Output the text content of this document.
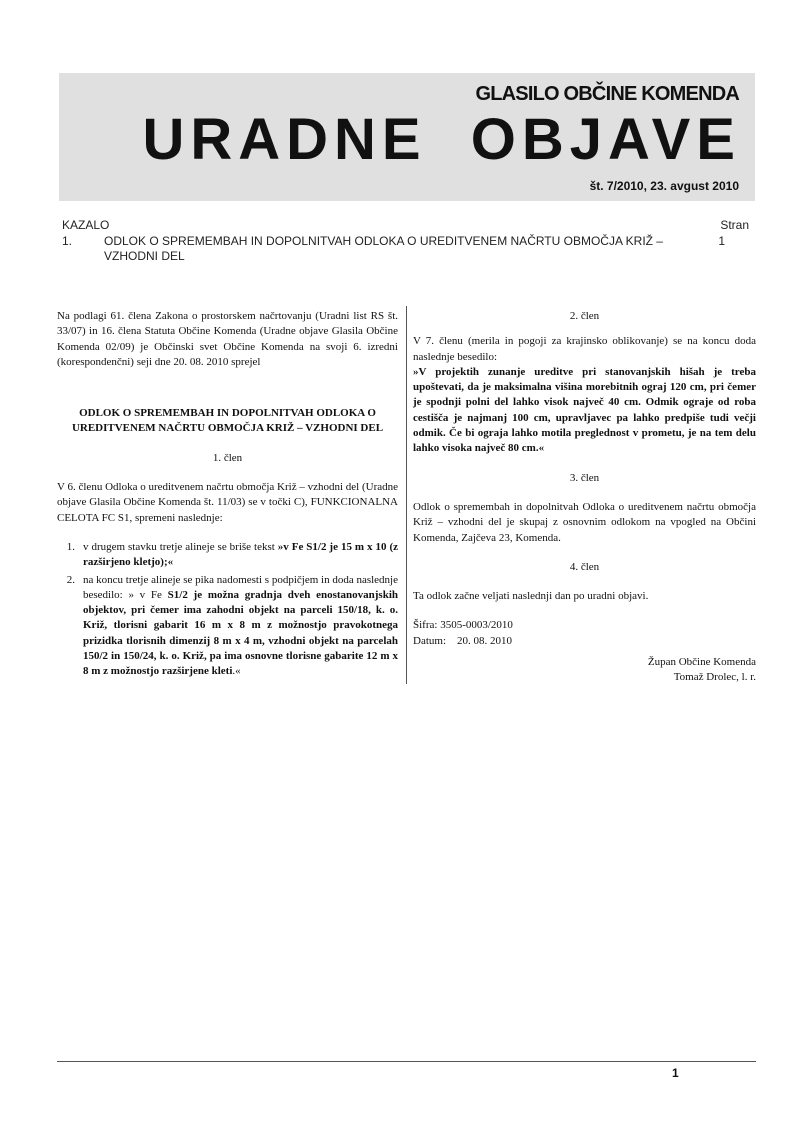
GLASILO OBČINE KOMENDA
URADNE  OBJAVE
št. 7/2010, 23. avgust 2010
KAZALO	Stran
1.	ODLOK O SPREMEMBAH IN DOPOLNITVAH ODLOKA O UREDITVENEM NAČRTU OBMOČJA KRIŽ – VZHODNI DEL
1

Na podlagi 61. člena Zakona o prostorskem načrtovanju (Uradni list RS št. 33/07) in 16. člena Statuta Občine Komenda (Uradne objave Glasila Občine Komenda 02/09) je Občinski svet Občine Komenda na svoji 6. izredni (korespondenčni) seji dne 20. 08. 2010 sprejel

ODLOK O SPREMEMBAH IN DOPOLNITVAH ODLOKA O UREDITVENEM NAČRTU OBMOČJA KRIŽ – VZHODNI DEL

1. člen

V 6. členu Odloka o ureditvenem načrtu območja Križ – vzhodni del (Uradne objave Glasila Občine Komenda št. 11/03) se v točki C), FUNKCIONALNA CELOTA FC S1, spremeni naslednje:

1. v drugem stavku tretje alineje se briše tekst »v Fe S1/2 je 15 m x 10 (z razširjeno kletjo);«
2. na koncu tretje alineje se pika nadomesti s podpičjem in doda naslednje besedilo: » v Fe S1/2 je možna gradnja dveh enostanovanjskih objektov, pri čemer ima zahodni objekt na parceli 150/18, k. o. Križ, tlorisni gabarit 16 m x 8 m z možnostjo pravokotnega prizidka tlorisnih dimenzij 8 m x 4 m, vzhodni objekt na parcelah 150/2 in 150/24, k. o. Križ, pa ima osnovne tlorisne gabarite 12 m x 8 m z možnostjo razširjene kleti.«

2. člen

V 7. členu (merila in pogoji za krajinsko oblikovanje) se na koncu doda naslednje besedilo:

»V projektih zunanje ureditve pri stanovanjskih hišah je treba upoštevati, da je maksimalna višina morebitnih ograj 120 cm, pri čemer je spodnji polni del lahko visok največ 40 cm. Odmik ograje od roba cestišča je najmanj 100 cm, upravljavec pa lahko predpiše tudi večji odmik. Če bi ograja lahko motila preglednost v prometu, je na tem delu lahko visoka največ 80 cm.«

3. člen

Odlok o spremembah in dopolnitvah Odloka o ureditvenem načrtu območja Križ – vzhodni del je skupaj z osnovnim odlokom na vpogled na Občini Komenda, Zajčeva 23, Komenda.

4. člen

Ta odlok začne veljati naslednji dan po uradni objavi.

Šifra: 3505-0003/2010

Datum:    20. 08. 2010

Župan Občine Komenda

Tomaž Drolec, l. r.

1
